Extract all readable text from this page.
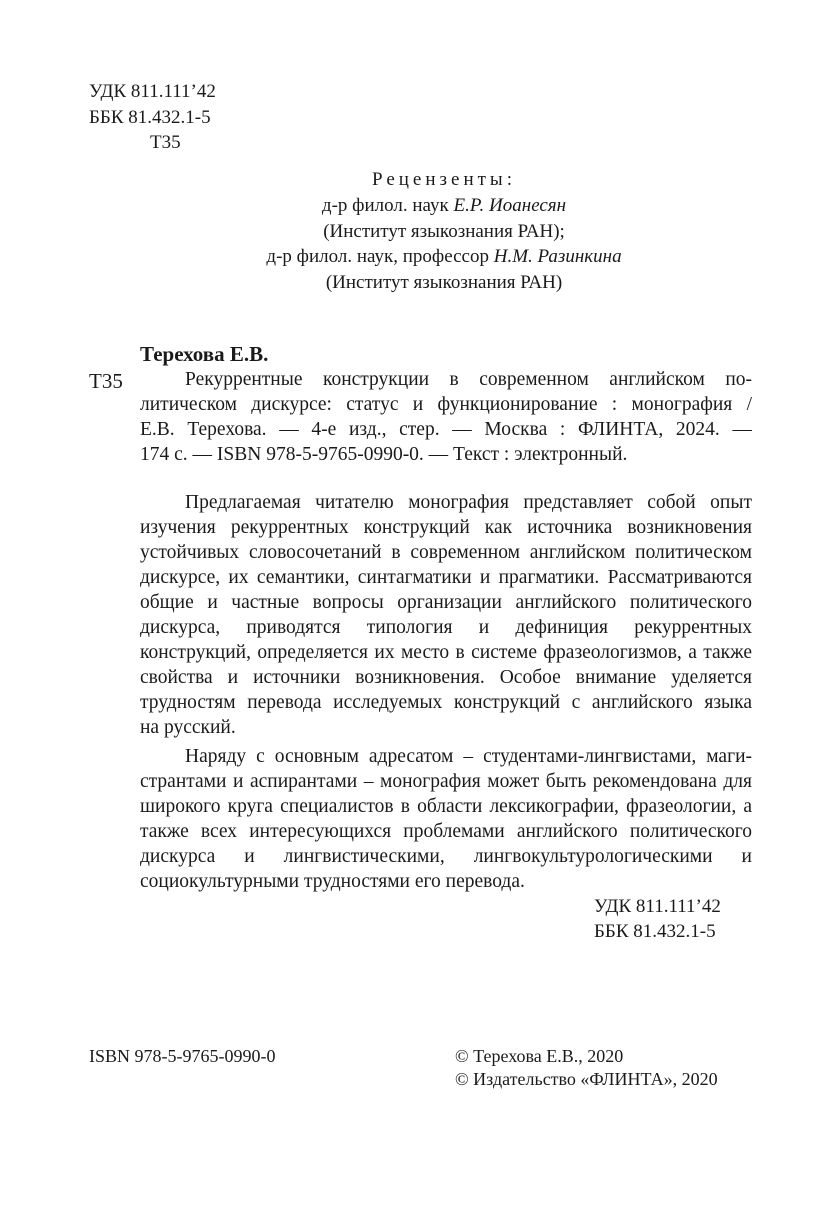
УДК 811.111’42
ББК 81.432.1-5
Т35
Рецензенты:
д-р филол. наук Е.Р. Иоанесян
(Институт языкознания РАН);
д-р филол. наук, профессор Н.М. Разинкина
(Институт языкознания РАН)
Терехова Е.В.
Т35	Рекуррентные конструкции в современном английском по-
литическом дискурсе: статус и функционирование : монография /
Е.В. Терехова. — 4-е изд., стер. — Москва : ФЛИНТА, 2024. —
174 с. — ISBN 978-5-9765-0990-0. — Текст : электронный.
Предлагаемая читателю монография представляет собой опыт
изучения рекуррентных конструкций как источника возникновения
устойчивых словосочетаний в современном английском политическом
дискурсе, их семантики, синтагматики и прагматики. Рассматриваются
общие и частные вопросы организации английского политического
дискурса, приводятся типология и дефиниция рекуррентных
конструкций, определяется их место в системе фразеологизмов, а также
свойства и источники возникновения. Особое внимание уделяется
трудностям перевода исследуемых конструкций с английского языка
на русский.
Наряду с основным адресатом – студентами-лингвистами, маги-
странтами и аспирантами – монография может быть рекомендована для
широкого круга специалистов в области лексикографии, фразеологии, а
также всех интересующихся проблемами английского политического
дискурса и лингвистическими, лингвокультурологическими и
социокультурными трудностями его перевода.
УДК 811.111’42
ББК 81.432.1-5
ISBN 978-5-9765-0990-0	© Терехова Е.В., 2020
© Издательство «ФЛИНТА», 2020
